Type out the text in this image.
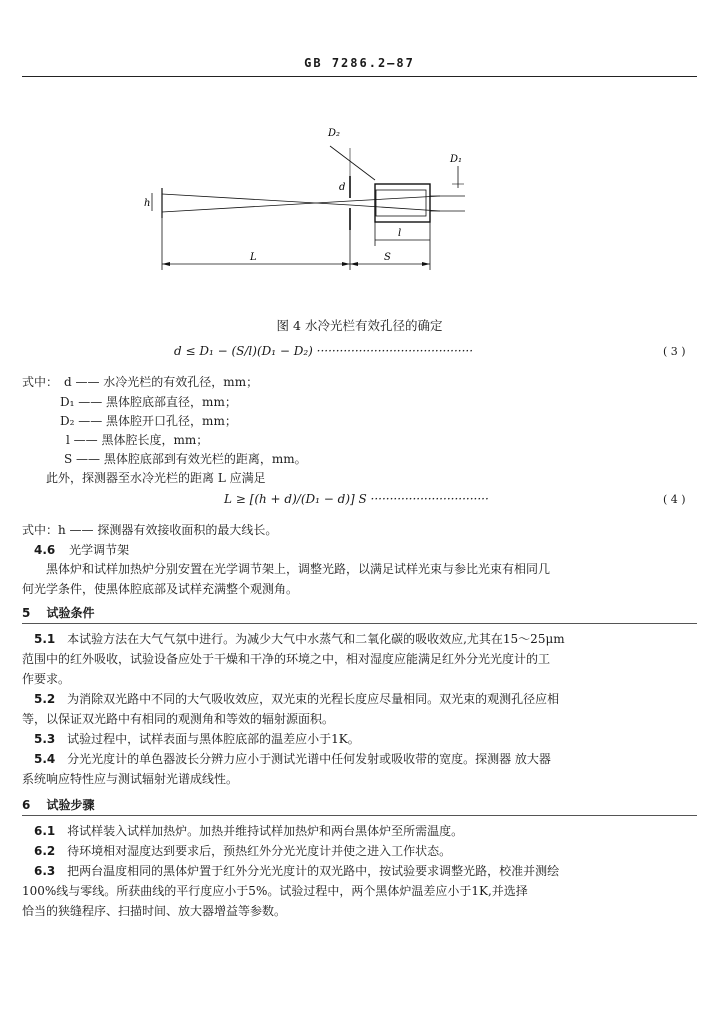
GB 7286.2—87
D₂
D₁
d
h
l
L	S
图 4 水冷光栏有效孔径的确定
d ≤ D₁ − (S/l)(D₁ − D₂) ·········································	( 3 )
式中： d —— 水冷光栏的有效孔径，mm；
D₁ —— 黑体腔底部直径，mm；
D₂ —— 黑体腔开口孔径，mm；
l —— 黑体腔长度，mm；
S —— 黑体腔底部到有效光栏的距离，mm。
此外，探测器至水冷光栏的距离 L 应满足
L ≥ [(h + d)/(D₁ − d)] S ·······························	( 4 )
式中：h —— 探测器有效接收面积的最大线长。
4.6 光学调节架
黑体炉和试样加热炉分别安置在光学调节架上，调整光路，以满足试样光束与参比光束有相同几
何光学条件，使黑体腔底部及试样充满整个观测角。
5 试验条件
5.1 本试验方法在大气气氛中进行。为减少大气中水蒸气和二氧化碳的吸收效应,尤其在15～25μm
范围中的红外吸收，试验设备应处于干燥和干净的环境之中，相对湿度应能满足红外分光光度计的工
作要求。
5.2 为消除双光路中不同的大气吸收效应，双光束的光程长度应尽量相同。双光束的观测孔径应相
等，以保证双光路中有相同的观测角和等效的辐射源面积。
5.3 试验过程中，试样表面与黑体腔底部的温差应小于1K。
5.4 分光光度计的单色器波长分辨力应小于测试光谱中任何发射或吸收带的宽度。探测器 放大器
系统响应特性应与测试辐射光谱成线性。
6 试验步骤
6.1 将试样装入试样加热炉。加热并维持试样加热炉和两台黑体炉至所需温度。
6.2 待环境相对湿度达到要求后，预热红外分光光度计并使之进入工作状态。
6.3 把两台温度相同的黑体炉置于红外分光光度计的双光路中，按试验要求调整光路，校准并测绘
100%线与零线。所获曲线的平行度应小于5%。试验过程中，两个黑体炉温差应小于1K,并选择
恰当的狭缝程序、扫描时间、放大器增益等参数。
